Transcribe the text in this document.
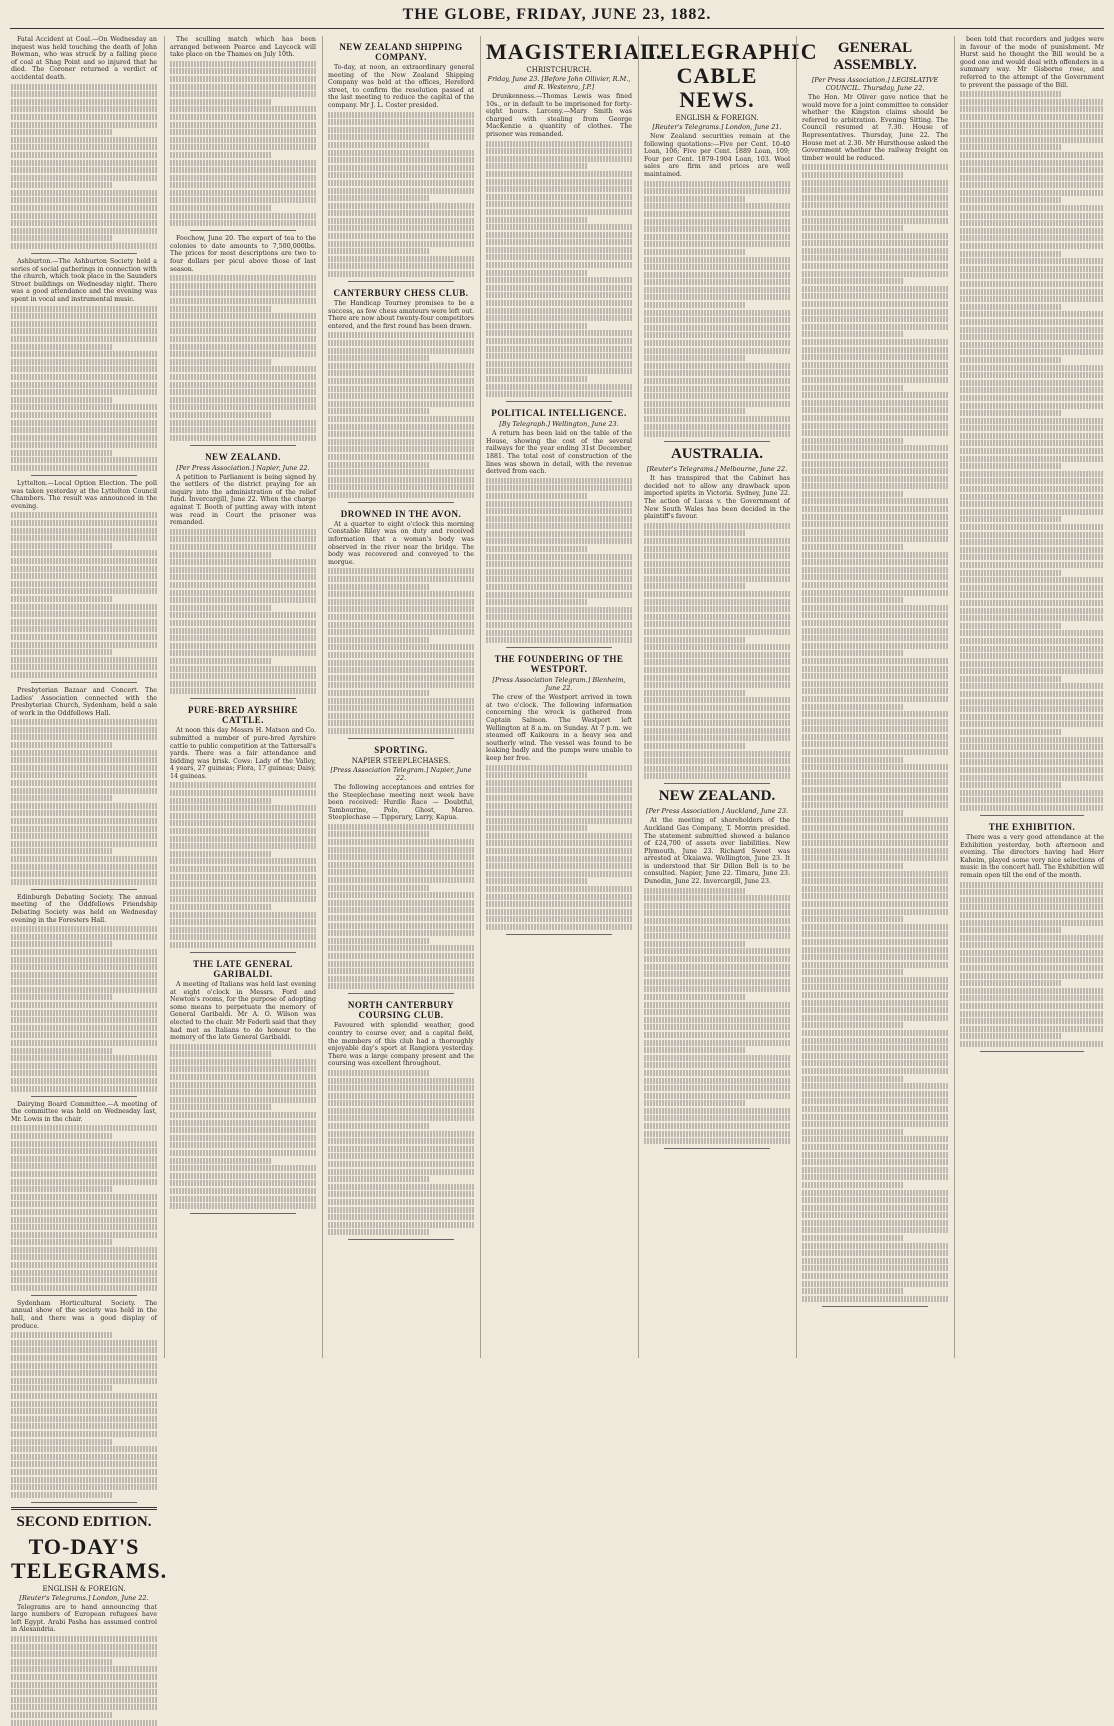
THE GLOBE, FRIDAY, JUNE 23, 1882.

Fatal Accident at Coal.—On Wednesday an inquest was held touching the death of John Bowman, who was struck by a falling piece of coal at Shag Point and so injured that he died. The Coroner returned a verdict of accidental death.

Ashburton.—The Ashburton Society held a series of social gatherings in connection with the church, which took place in the Saunders Street buildings on Wednesday night. There was a good attendance and the evening was spent in vocal and instrumental music.

Lyttelton.—Local Option Election. The poll was taken yesterday at the Lyttelton Council Chambers. The result was announced in the evening.

Presbyterian Bazaar and Concert. The Ladies' Association connected with the Presbyterian Church, Sydenham, held a sale of work in the Oddfellows Hall.

Edinburgh Debating Society. The annual meeting of the Oddfellows Friendship Debating Society was held on Wednesday evening in the Foresters Hall.

Dairying Board Committee.—A meeting of the committee was held on Wednesday last, Mr. Lowis in the chair.

Sydenham Horticultural Society. The annual show of the society was held in the hall, and there was a good display of produce.

SECOND EDITION.
TO-DAY'S TELEGRAMS.
ENGLISH & FOREIGN.
[Reuter's Telegrams.] London, June 22.

Telegrams are to hand announcing that large numbers of European refugees have left Egypt. Arabi Pasha has assumed control in Alexandria.

The sculling match which has been arranged between Pearce and Laycock will take place on the Thames on July 10th.

Foochow, June 20. The export of tea to the colonies to date amounts to 7,500,000lbs. The prices for most descriptions are two to four dollars per picul above those of last season.

NEW ZEALAND.
[Per Press Association.] Napier, June 22.

A petition to Parliament is being signed by the settlers of the district praying for an inquiry into the administration of the relief fund. Invercargill, June 22. When the charge against T. Booth of putting away with intent was read in Court the prisoner was remanded.

PURE-BRED AYRSHIRE CATTLE.

At noon this day Messrs H. Matson and Co. submitted a number of pure-bred Ayrshire cattle to public competition at the Tattersall's yards. There was a fair attendance and bidding was brisk. Cows: Lady of the Valley, 4 years, 27 guineas; Flora, 17 guineas; Daisy, 14 guineas.

THE LATE GENERAL GARIBALDI.

A meeting of Italians was held last evening at eight o'clock in Messrs. Ford and Newton's rooms, for the purpose of adopting some means to perpetuate the memory of General Garibaldi. Mr A. O. Wilson was elected to the chair. Mr Federli said that they had met as Italians to do honour to the memory of the late General Garibaldi.

NEW ZEALAND SHIPPING COMPANY.

To-day, at noon, an extraordinary general meeting of the New Zealand Shipping Company was held at the offices, Hereford street, to confirm the resolution passed at the last meeting to reduce the capital of the company. Mr J. L. Coster presided.

CANTERBURY CHESS CLUB.

The Handicap Tourney promises to be a success, as few chess amateurs were left out. There are now about twenty-four competitors entered, and the first round has been drawn.

DROWNED IN THE AVON.

At a quarter to eight o'clock this morning Constable Riley was on duty and received information that a woman's body was observed in the river near the bridge. The body was recovered and conveyed to the morgue.

SPORTING.
NAPIER STEEPLECHASES.
[Press Association Telegram.] Napier, June 22.

The following acceptances and entries for the Steeplechase meeting next week have been received: Hurdle Race — Doubtful, Tambourine, Polo, Ghost, Mareo. Steeplechase — Tipperary, Larry, Kapua.

NORTH CANTERBURY COURSING CLUB.

Favoured with splendid weather, good country to course over, and a capital field, the members of this club had a thoroughly enjoyable day's sport at Rangiora yesterday. There was a large company present and the coursing was excellent throughout.

MAGISTERIAL.
CHRISTCHURCH.
Friday, June 23. [Before John Ollivier, R.M., and R. Westenra, J.P.]

Drunkenness.—Thomas Lewis was fined 10s., or in default to be imprisoned for forty-eight hours. Larceny.—Mary Smith was charged with stealing from George MacKenzie a quantity of clothes. The prisoner was remanded.

POLITICAL INTELLIGENCE.
[By Telegraph.] Wellington, June 23.

A return has been laid on the table of the House, showing the cost of the several railways for the year ending 31st December, 1881. The total cost of construction of the lines was shown in detail, with the revenue derived from each.

THE FOUNDERING OF THE WESTPORT.
[Press Association Telegram.] Blenheim, June 22.

The crew of the Westport arrived in town at two o'clock. The following information concerning the wreck is gathered from Captain Salmon. The Westport left Wellington at 8 a.m. on Sunday. At 7 p.m. we steamed off Kaikoura in a heavy sea and southerly wind. The vessel was found to be leaking badly and the pumps were unable to keep her free.

TELEGRAPHIC CABLE NEWS.
ENGLISH & FOREIGN.
[Reuter's Telegrams.] London, June 21.

New Zealand securities remain at the following quotations:—Five per Cent. 10-40 Loan, 106; Five per Cent. 1889 Loan, 109; Four per Cent. 1879-1904 Loan, 103. Wool sales are firm and prices are well maintained.

AUSTRALIA.
[Reuter's Telegrams.] Melbourne, June 22.

It has transpired that the Cabinet has decided not to allow any drawback upon imported spirits in Victoria. Sydney, June 22. The action of Lucas v. the Government of New South Wales has been decided in the plaintiff's favour.

NEW ZEALAND.
[Per Press Association.] Auckland, June 23.

At the meeting of shareholders of the Auckland Gas Company, T. Morrin presided. The statement submitted showed a balance of £24,700 of assets over liabilities. New Plymouth, June 23. Richard Sweet was arrested at Okaiawa. Wellington, June 23. It is understood that Sir Dillon Bell is to be consulted. Napier, June 22. Timaru, June 23. Dunedin, June 22. Invercargill, June 23.

GENERAL ASSEMBLY.
[Per Press Association.] LEGISLATIVE COUNCIL. Thursday, June 22.

The Hon. Mr Oliver gave notice that he would move for a joint committee to consider whether the Kingston claims should be referred to arbitration. Evening Sitting. The Council resumed at 7.30. House of Representatives. Thursday, June 22. The House met at 2.30. Mr Hursthouse asked the Government whether the railway freight on timber would be reduced.

been told that recorders and judges were in favour of the mode of punishment. Mr Hurst said he thought the Bill would be a good one and would deal with offenders in a summary way. Mr Gisborne rose, and referred to the attempt of the Government to prevent the passage of the Bill.

THE EXHIBITION.

There was a very good attendance at the Exhibition yesterday, both afternoon and evening. The directors having had Herr Kaheim, played some very nice selections of music in the concert hall. The Exhibition will remain open till the end of the month.
